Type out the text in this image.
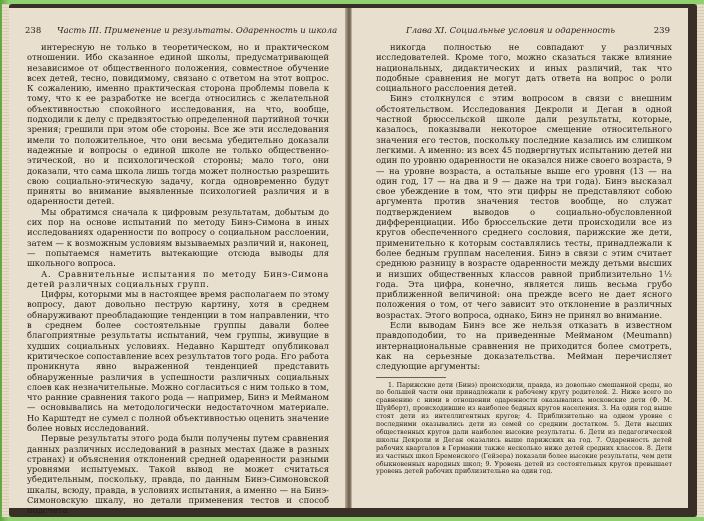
238 Часть III. Применение и результаты. Одаренность и школа

интересную не только в теоретическом, но и практическом отношении. Ибо сказанное единой школы, предусматривающей независимое от общественного положения, совместное обучение всех детей, тесно, повидимому, связано с ответом на этот вопрос. К сожалению, именно практическая сторона проблемы повела к тому, что к ее разработке не всегда относились с желательной объективностью спокойного исследования, на что, вообще, подходили к делу с предвзятостью определенной партийной точки зрения; грешили при этом обе стороны. Все же эти исследования имели то положительное, что они весьма убедительно доказали надежные и вопросы о единой школе не только общественно-этической, но и психологической стороны; мало того, они доказали, что сама школа лишь тогда может полностью разрешить свою социально-этическую задачу, когда одновременно будут приняты во внимание выявленные психологией различия и в одаренности детей.

Мы обратимся сначала к цифровым результатам, добытым до сих пор на основе испытаний по методу Бинэ-Симона в иных исследованиях одаренности по вопросу о социальном расслоении, затем — к возможным условиям вызываемых различий и, наконец, — попытаемся наметить вытекающие отсюда выводы для школьного вопроса.

А. Сравнительные испытания по методу Бинэ-Симона детей различных социальных групп.

Цифры, которыми мы в настоящее время располагаем по этому вопросу, дают довольно пеструю картину, хотя в среднем обнаруживают преобладающие тенденции в том направлении, что в среднем более состоятельные группы давали более благоприятные результаты испытаний, чем группы, живущие в худших социальных условиях. Недавно Карштедт опубликовал критическое сопоставление всех результатов того рода. Его работа проникнута явно выраженной тенденцией представить обнаруженные различия в успешности различных социальных слоев как незначительные. Можно согласиться с ним только в том, что ранние сравнения такого рода — например, Бинэ и Мейманом — основывались на методологически недостаточном материале. Но Карштедт не сумел с полной объективностью оценить значение более новых исследований.

Первые результаты этого рода были получены путем сравнения данных различных исследований в разных местах (даже в разных странах) и объяснения отклонений средней одаренности разными уровнями испытуемых. Такой вывод не может считаться убедительным, поскольку, правда, по данным Бинэ-Симоновской шкалы, всюду, правда, в условиях испытания, а именно — на Бинэ-Симоновскую шкалу, но детали применения тестов и способ подсчета

Глава XI. Социальные условия и одаренность	239

никогда полностью не совпадают у различных исследователей. Кроме того, можно сказаться также влияние национальных, дидактических и иных различий, так что подобные сравнения не могут дать ответа на вопрос о роли социального расслоения детей.

Бинэ столкнулся с этим вопросом в связи с внешним обстоятельством. Исследования Декроли и Деган в одной частной брюссельской школе дали результаты, которые, казалось, показывали некоторое смещение относительного значения его тестов, поскольку последние казались им слишком легкими. А именно: из всех 45 подвергнутых испытанию детей ни один по уровню одаренности не оказался ниже своего возраста, 9 — на уровне возраста, а остальные выше его уровня (13 — на один год, 17 — на два и 9 — даже на три года). Бинэ высказал свое убеждение в том, что эти цифры не представляют собою аргумента против значения тестов вообще, но служат подтверждением выводов о социально-обусловленной дифференциации. Ибо брюссельские дети происходили все из кругов обеспеченного среднего сословия, парижские же дети, применительно к которым составлялись тесты, принадлежали к более бедным группам населения. Бинэ в связи с этим считает среднюю разницу в возрасте одаренности между детьми высших и низших общественных классов равной приблизительно 1½ года. Эта цифра, конечно, является лишь весьма грубо приближенной величиной: она прежде всего не дает ясного положения о том, от чего зависит это отклонение в различных возрастах. Этого вопроса, однако, Бинэ не принял во внимание.

Если выводам Бинэ все же нельзя отказать в известном правдоподобии, то на приведенные Мейманом (Meumann) интернациональные сравнения не приходится более смотреть, как на серьезные доказательства. Мейман перечисляет следующие аргументы:

1. Парижские дети (Бинэ) происходили, правда, из довольно смешанной среды, но по большей части они принадлежали к рабочему кругу родителей. 2. Ниже всего по сравнению с ними в отношении одаренности оказывались московские дети (Ф. М. Шуйберт), происходившие из наиболее бедных кругов населения. 3. На один год выше стоят дети из интеллигентных кругов; 4. Приблизительно на одном уровне с последними оказывались дети из семей со средним достатком. 5. Дети высших общественных кругов дали наиболее высокие результаты. 6. Дети из педагогической школы Декроли и Деган оказались выше парижских на год. 7. Одаренность детей рабочих кварталов в Германии также несколько ниже детей средних классов. 8. Дети из частных школ Бременского (Гейзера) показали более высокие результаты, чем дети обыкновенных народных школ; 9. Уровень детей из состоятельных кругов превышает уровень детей рабочих приблизительно на один год.
